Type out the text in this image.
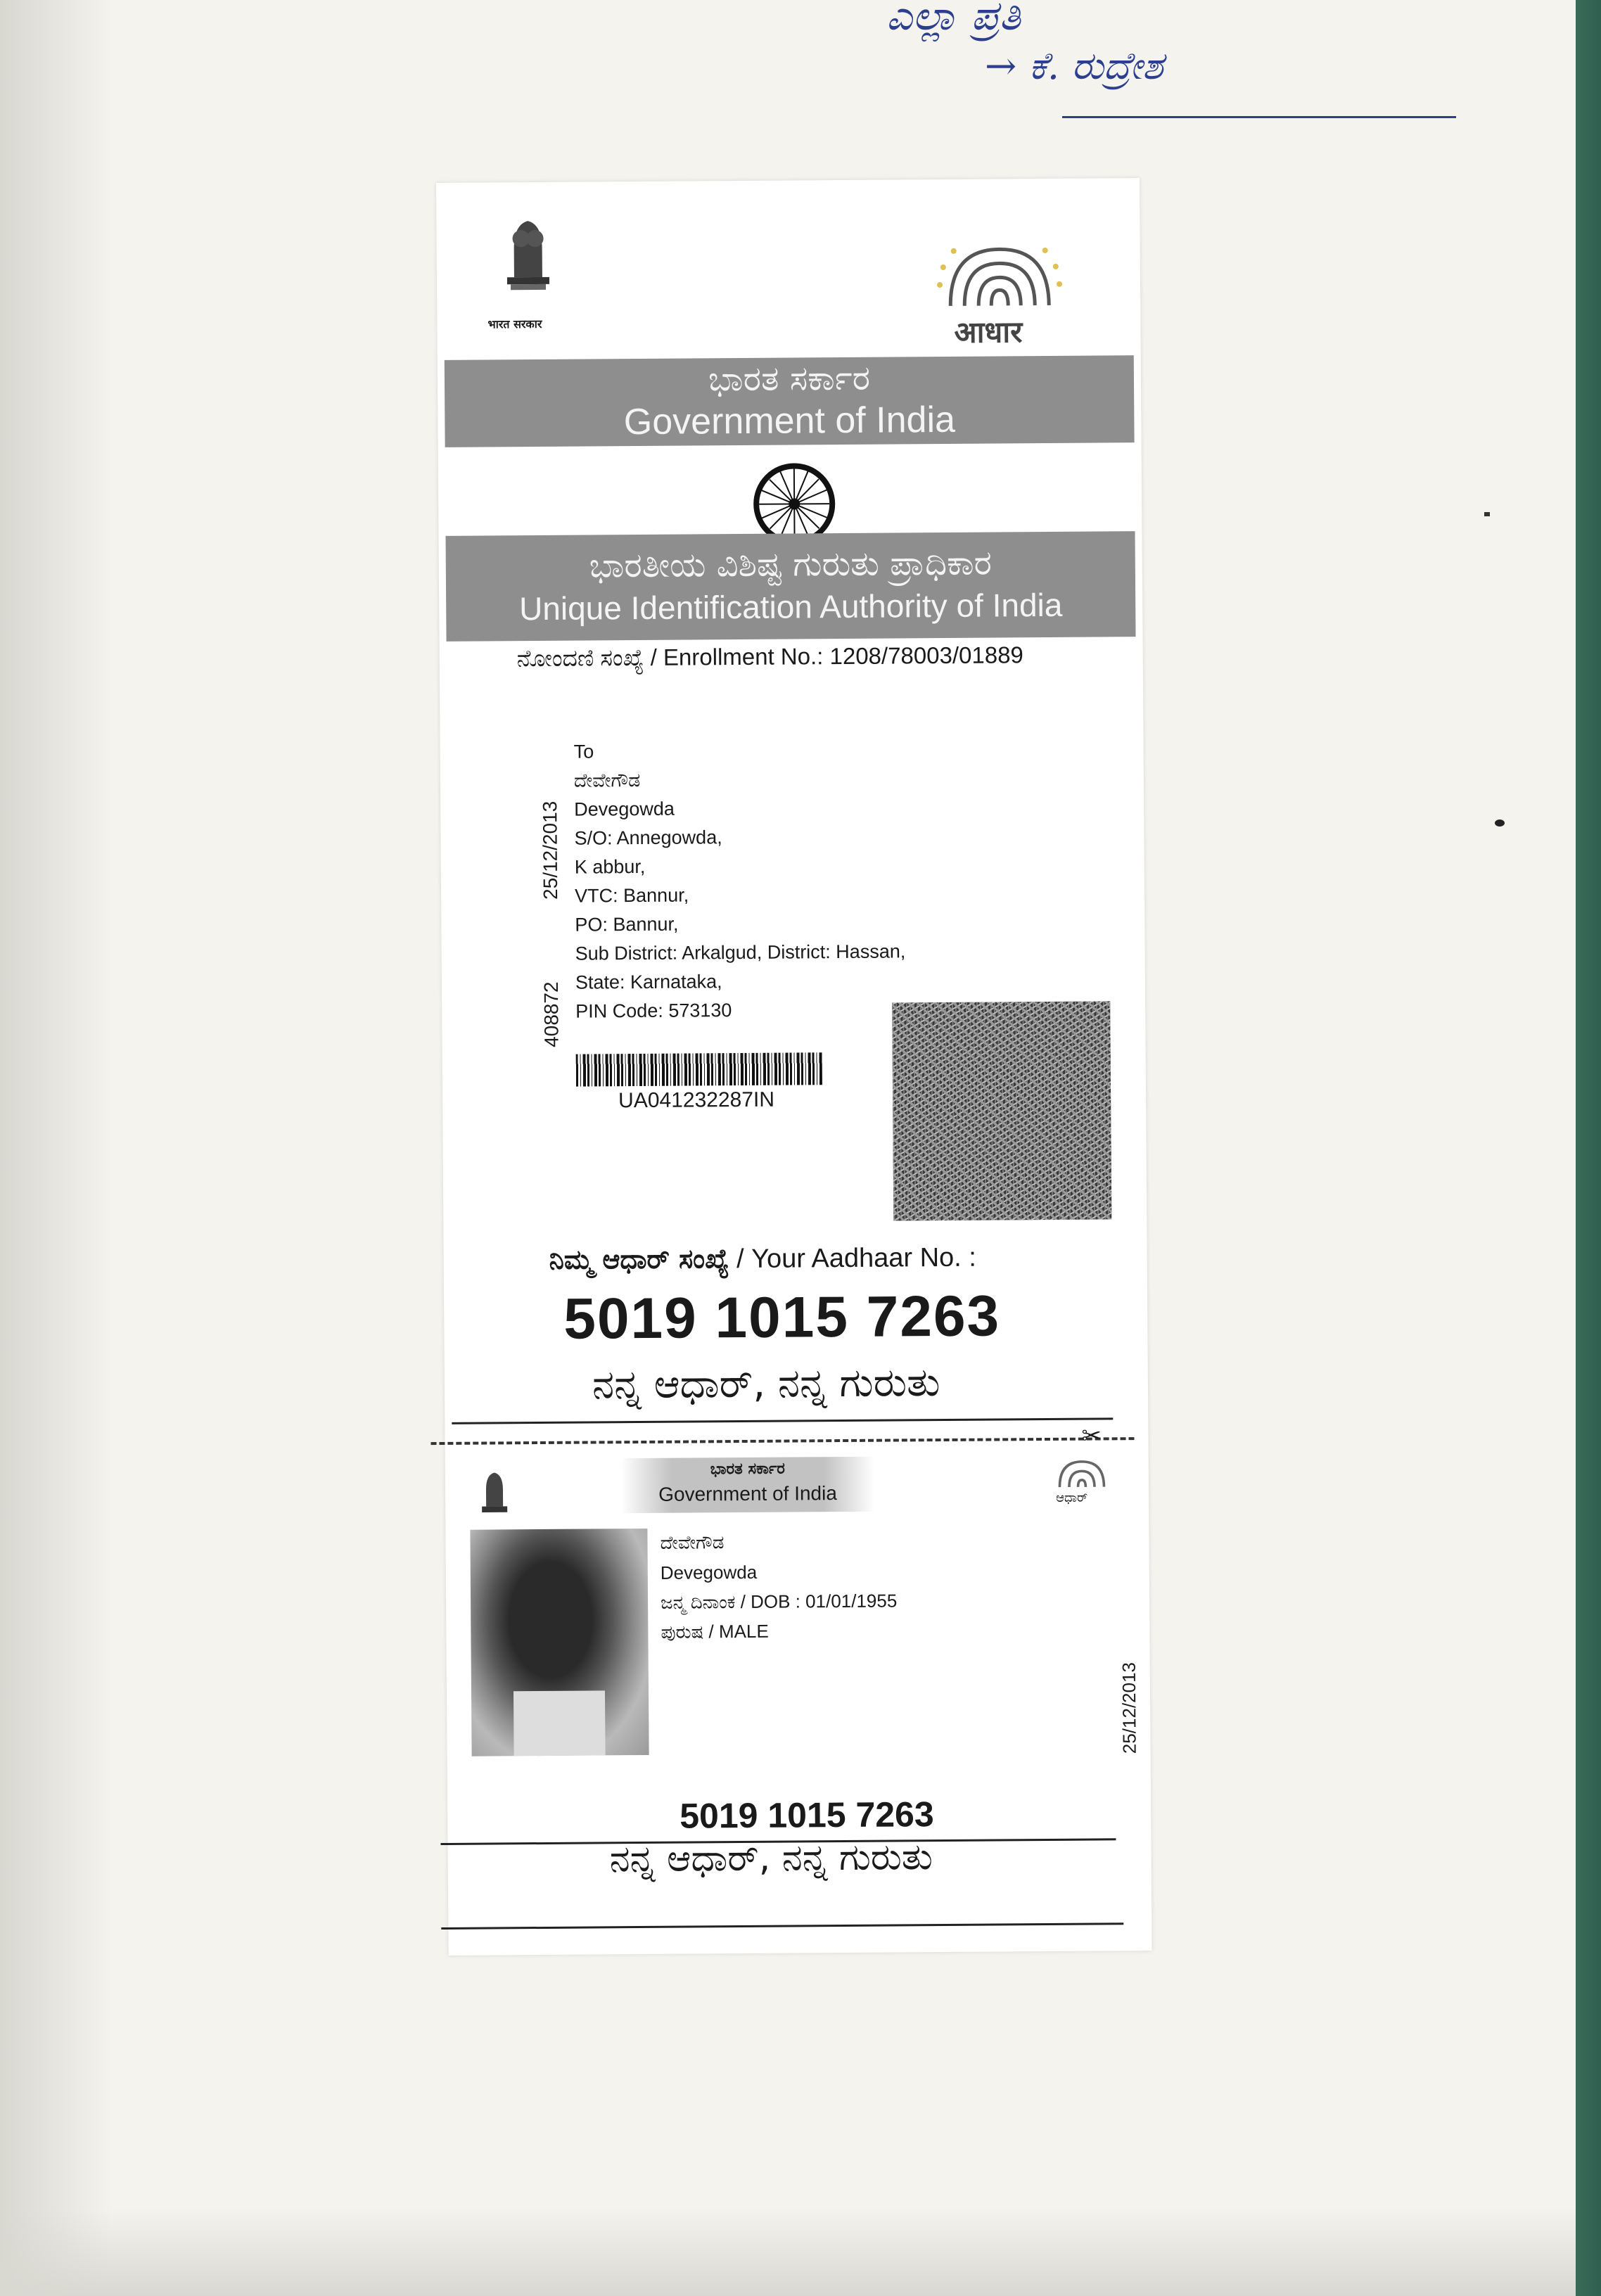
ಎಲ್ಲಾ ಪ್ರತಿ
→ ಕೆ. ರುದ್ರೇಶ
भारत सरकार	आधार
ಭಾರತ ಸರ್ಕಾರ
Government of India
ಭಾರತೀಯ ವಿಶಿಷ್ಟ ಗುರುತು ಪ್ರಾಧಿಕಾರ
Unique Identification Authority of India
ನೋಂದಣಿ ಸಂಖ್ಯೆ / Enrollment No.: 1208/78003/01889
To
ದೇವೇಗೌಡ
Devegowda
S/O: Annegowda,
K abbur,
VTC: Bannur,
PO: Bannur,
Sub District: Arkalgud, District: Hassan,
State: Karnataka,
PIN Code: 573130
25/12/2013
408872
UA041232287IN
ನಿಮ್ಮ ಆಧಾರ್ ಸಂಖ್ಯೆ / Your Aadhaar No. :
5019 1015 7263
ನನ್ನ ಆಧಾರ್, ನನ್ನ ಗುರುತು
✂
ಭಾರತ ಸರ್ಕಾರ
Government of India	ಆಧಾರ್
ದೇವೇಗೌಡ
Devegowda
ಜನ್ಮ ದಿನಾಂಕ / DOB : 01/01/1955
ಪುರುಷ / MALE
25/12/2013
5019 1015 7263
ನನ್ನ ಆಧಾರ್, ನನ್ನ ಗುರುತು
